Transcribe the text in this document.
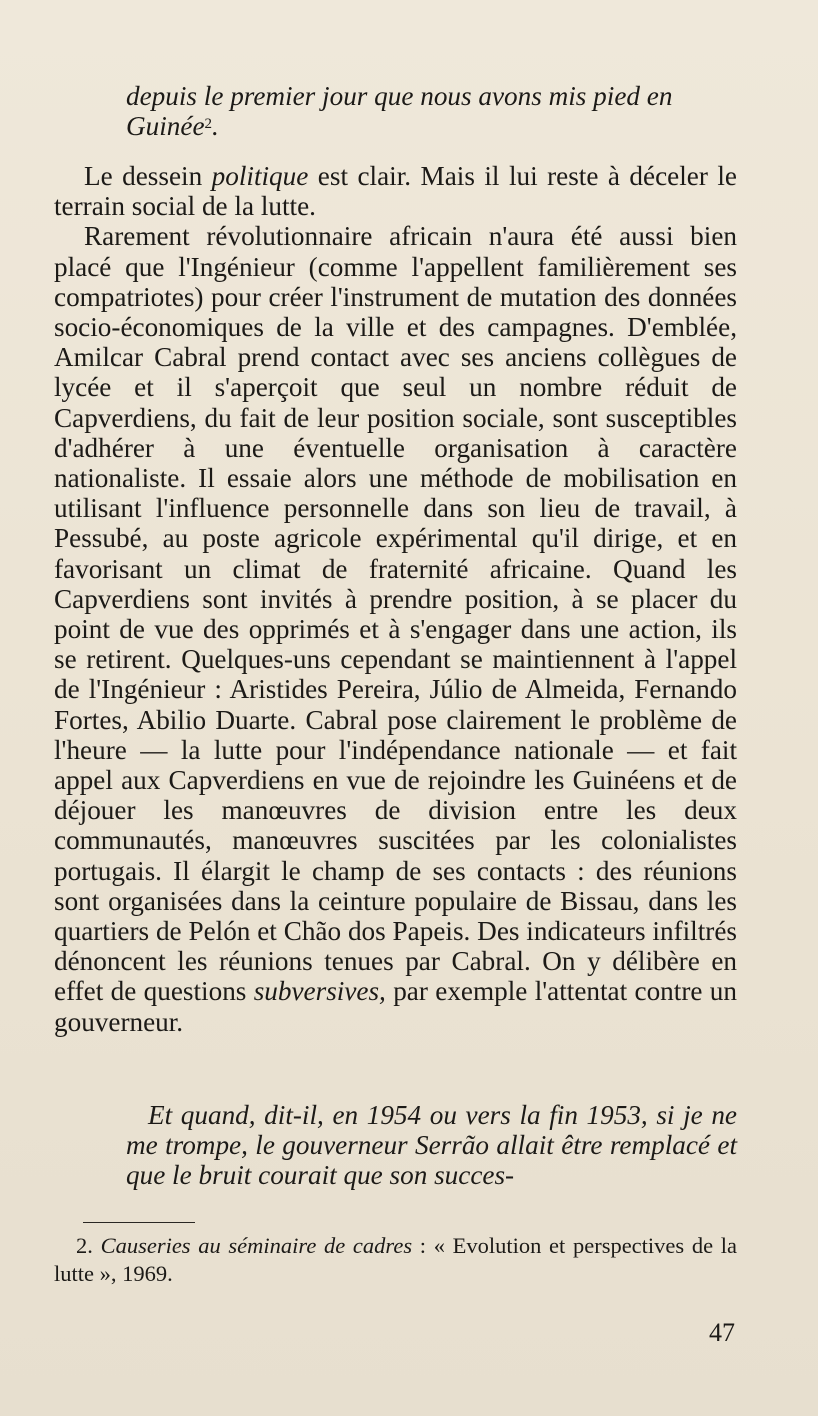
depuis le premier jour que nous avons mis pied en Guinée$^2$.

Le dessein politique est clair. Mais il lui reste à déceler le terrain social de la lutte.

Rarement révolutionnaire africain n'aura été aussi bien placé que l'Ingénieur (comme l'appellent familièrement ses compatriotes) pour créer l'instrument de mutation des données socio-économiques de la ville et des campagnes. D'emblée, Amilcar Cabral prend contact avec ses anciens collègues de lycée et il s'aperçoit que seul un nombre réduit de Capverdiens, du fait de leur position sociale, sont susceptibles d'adhérer à une éventuelle organisation à caractère nationaliste. Il essaie alors une méthode de mobilisation en utilisant l'influence personnelle dans son lieu de travail, à Pessubé, au poste agricole expérimental qu'il dirige, et en favorisant un climat de fraternité africaine. Quand les Capverdiens sont invités à prendre position, à se placer du point de vue des opprimés et à s'engager dans une action, ils se retirent. Quelques-uns cependant se maintiennent à l'appel de l'Ingénieur : Aristides Pereira, Júlio de Almeida, Fernando Fortes, Abilio Duarte. Cabral pose clairement le problème de l'heure — la lutte pour l'indépendance nationale — et fait appel aux Capverdiens en vue de rejoindre les Guinéens et de déjouer les manœuvres de division entre les deux communautés, manœuvres suscitées par les colonialistes portugais. Il élargit le champ de ses contacts : des réunions sont organisées dans la ceinture populaire de Bissau, dans les quartiers de Pelón et Chão dos Papeis. Des indicateurs infiltrés dénoncent les réunions tenues par Cabral. On y délibère en effet de questions subversives, par exemple l'attentat contre un gouverneur.

Et quand, dit-il, en 1954 ou vers la fin 1953, si je ne me trompe, le gouverneur Serrão allait être remplacé et que le bruit courait que son succes-

2. Causeries au séminaire de cadres : « Evolution et perspectives de la lutte », 1969.

47
